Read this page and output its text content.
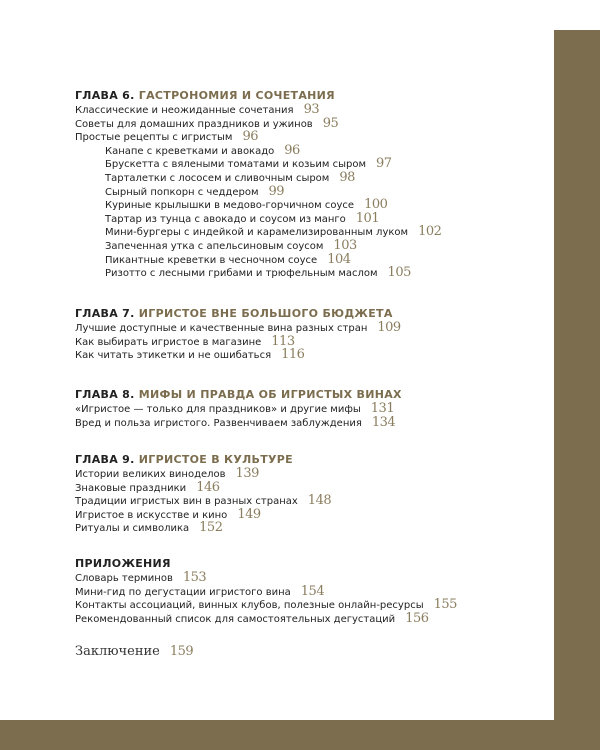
ГЛАВА 6. ГАСТРОНОМИЯ И СОЧЕТАНИЯ
Классические и неожиданные сочетания 93
Советы для домашних праздников и ужинов 95
Простые рецепты с игристым 96
Канапе с креветками и авокадо 96
Брускетта с вялеными томатами и козьим сыром 97
Тарталетки с лососем и сливочным сыром 98
Сырный попкорн с чеддером 99
Куриные крылышки в медово-горчичном соусе 100
Тартар из тунца с авокадо и соусом из манго 101
Мини-бургеры с индейкой и карамелизированным луком 102
Запеченная утка с апельсиновым соусом 103
Пикантные креветки в чесночном соусе 104
Ризотто с лесными грибами и трюфельным маслом 105
ГЛАВА 7. ИГРИСТОЕ ВНЕ БОЛЬШОГО БЮДЖЕТА
Лучшие доступные и качественные вина разных стран 109
Как выбирать игристое в магазине 113
Как читать этикетки и не ошибаться 116
ГЛАВА 8. МИФЫ И ПРАВДА ОБ ИГРИСТЫХ ВИНАХ
«Игристое — только для праздников» и другие мифы 131
Вред и польза игристого. Развенчиваем заблуждения 134
ГЛАВА 9. ИГРИСТОЕ В КУЛЬТУРЕ
Истории великих виноделов 139
Знаковые праздники 146
Традиции игристых вин в разных странах 148
Игристое в искусстве и кино 149
Ритуалы и символика 152
ПРИЛОЖЕНИЯ
Словарь терминов 153
Мини-гид по дегустации игристого вина 154
Контакты ассоциаций, винных клубов, полезные онлайн-ресурсы 155
Рекомендованный список для самостоятельных дегустаций 156
Заключение 159
